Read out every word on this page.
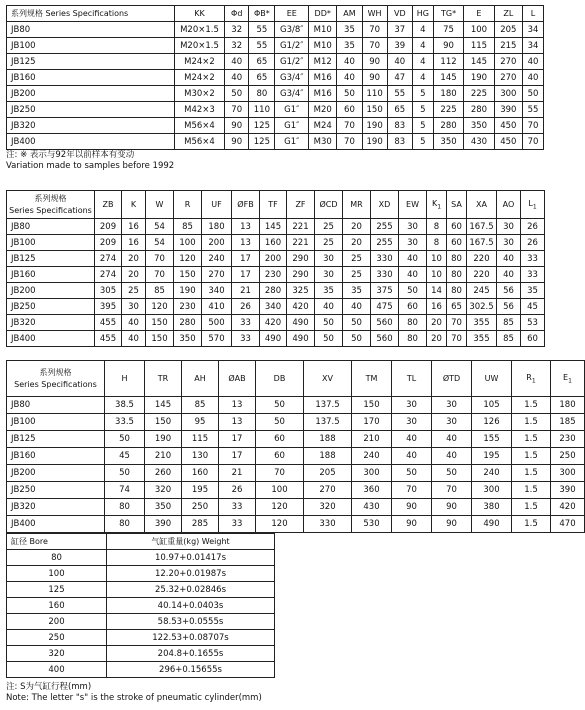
系列规格 Series Specifications	KK	Φd	ΦB*	EE	DD*	AM	WH	VD	HG	TG*	E	ZL	L
JB80	M20×1.5	32	55	G3/8″	M10	35	70	37	4	75	100	205	34
JB100	M20×1.5	32	55	G1/2″	M10	35	70	39	4	90	115	215	34
JB125	M24×2	40	65	G1/2″	M12	40	90	40	4	112	145	270	40
JB160	M24×2	40	65	G3/4″	M16	40	90	47	4	145	190	270	40
JB200	M30×2	50	80	G3/4″	M16	50	110	55	5	180	225	300	50
JB250	M42×3	70	110	G1″	M20	60	150	65	5	225	280	390	55
JB320	M56×4	90	125	G1″	M24	70	190	83	5	280	350	450	70
JB400	M56×4	90	125	G1″	M30	70	190	83	5	350	430	450	70
注: ※ 表示与92年以前样本有变动
Variation made to samples before 1992
系列规格
Series Specifications	ZB	K	W	R	UF	ØFB	TF	ZF	ØCD	MR	XD	EW	$K_1$	SA	XA	AO	$L_1$
JB80	209	16	54	85	180	13	145	221	25	20	255	30	8	60	167.5	30	26
JB100	209	16	54	100	200	13	160	221	25	20	255	30	8	60	167.5	30	26
JB125	274	20	70	120	240	17	200	290	30	25	330	40	10	80	220	40	33
JB160	274	20	70	150	270	17	230	290	30	25	330	40	10	80	220	40	33
JB200	305	25	85	190	340	21	280	325	35	35	375	50	14	80	245	56	35
JB250	395	30	120	230	410	26	340	420	40	40	475	60	16	65	302.5	56	45
JB320	455	40	150	280	500	33	420	490	50	50	560	80	20	70	355	85	53
JB400	455	40	150	350	570	33	490	490	50	50	560	80	20	70	355	85	60
系列规格
Series Specifications	H	TR	AH	ØAB	DB	XV	TM	TL	ØTD	UW	$R_1$	$E_1$
JB80	38.5	145	85	13	50	137.5	150	30	30	105	1.5	180
JB100	33.5	150	95	13	50	137.5	170	30	30	126	1.5	185
JB125	50	190	115	17	60	188	210	40	40	155	1.5	230
JB160	45	210	130	17	60	188	240	40	40	195	1.5	250
JB200	50	260	160	21	70	205	300	50	50	240	1.5	300
JB250	74	320	195	26	100	270	360	70	70	300	1.5	390
JB320	80	350	250	33	120	320	430	90	90	380	1.5	420
JB400	80	390	285	33	120	330	530	90	90	490	1.5	470
缸径 Bore	气缸重量(kg) Weight
80	10.97+0.01417s
100	12.20+0.01987s
125	25.32+0.02846s
160	40.14+0.0403s
200	58.53+0.0555s
250	122.53+0.08707s
320	204.8+0.1655s
400	296+0.15655s
注: S为气缸行程(mm)
Note: The letter "s" is the stroke of pneumatic cylinder(mm)
